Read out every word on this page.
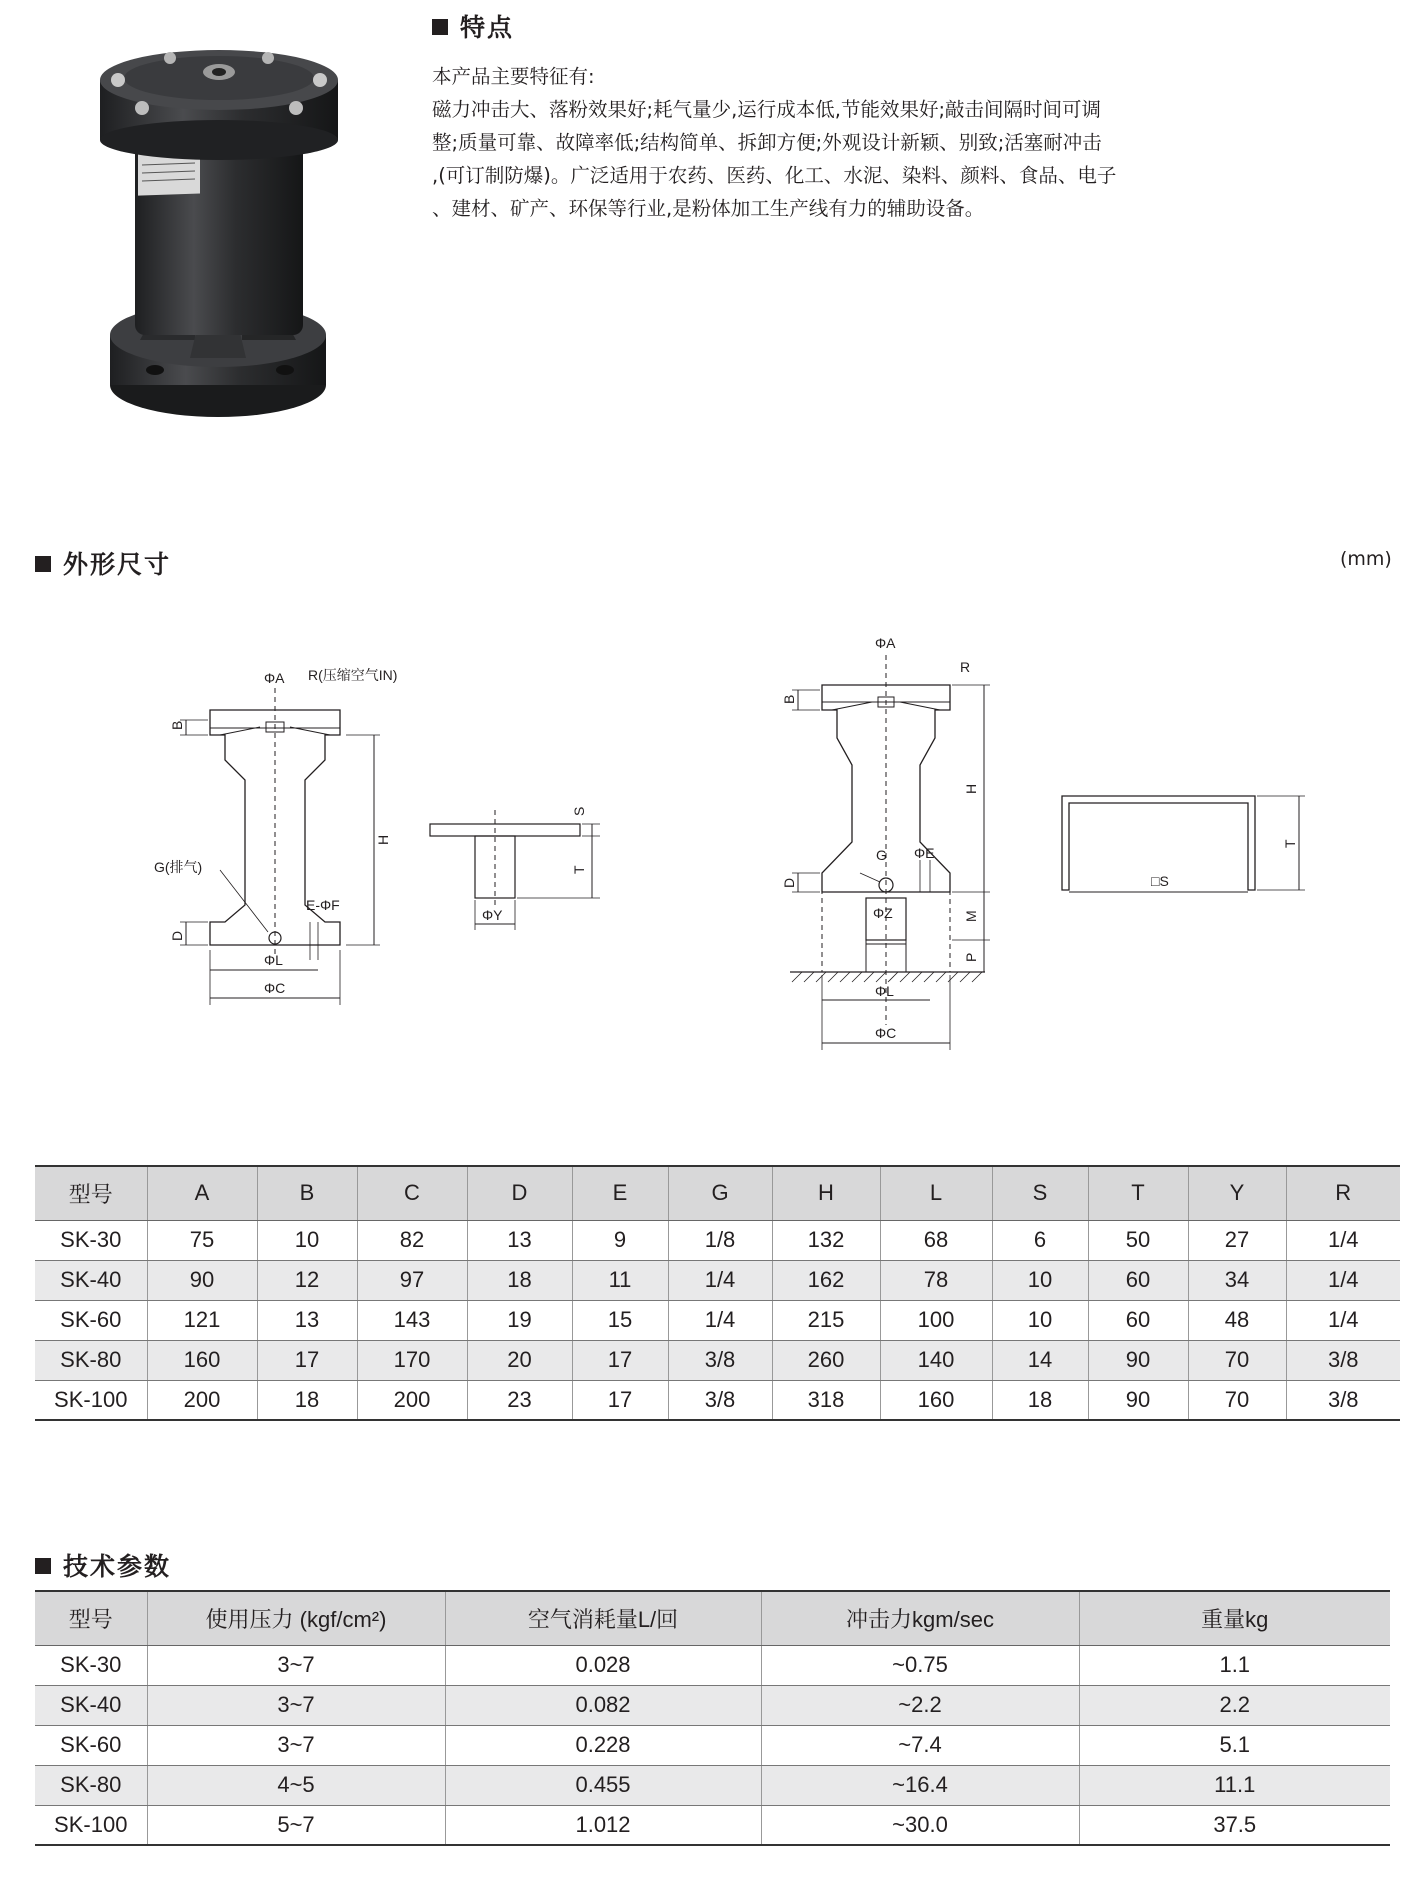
特点

本产品主要特征有:

磁力冲击大、落粉效果好;耗气量少,运行成本低,节能效果好;敲击间隔时间可调

整;质量可靠、故障率低;结构简单、拆卸方便;外观设计新颖、别致;活塞耐冲击

,(可订制防爆)。广泛适用于农药、医药、化工、水泥、染料、颜料、食品、电子

、建材、矿产、环保等行业,是粉体加工生产线有力的辅助设备。

外形尺寸	(mm)
ΦA R(压缩空气IN)
B
H
G(排气)
E-ΦF
D
ΦL
ΦC
S
T
ΦY
ΦA
R
B
H
G ΦE
D
ΦZ	M
P
ΦL
ΦC
T
□S
型号	A	B	C	D	E	G	H	L	S	T	Y	R
SK-30	75	10	82	13	9	1/8	132	68	6	50	27	1/4
SK-40	90	12	97	18	11	1/4	162	78	10	60	34	1/4
SK-60	121	13	143	19	15	1/4	215	100	10	60	48	1/4
SK-80	160	17	170	20	17	3/8	260	140	14	90	70	3/8
SK-100	200	18	200	23	17	3/8	318	160	18	90	70	3/8
技术参数
型号	使用压力 (kgf/cm²)	空气消耗量L/回	冲击力kgm/sec	重量kg
SK-30	3~7	0.028	~0.75	1.1
SK-40	3~7	0.082	~2.2	2.2
SK-60	3~7	0.228	~7.4	5.1
SK-80	4~5	0.455	~16.4	11.1
SK-100	5~7	1.012	~30.0	37.5
